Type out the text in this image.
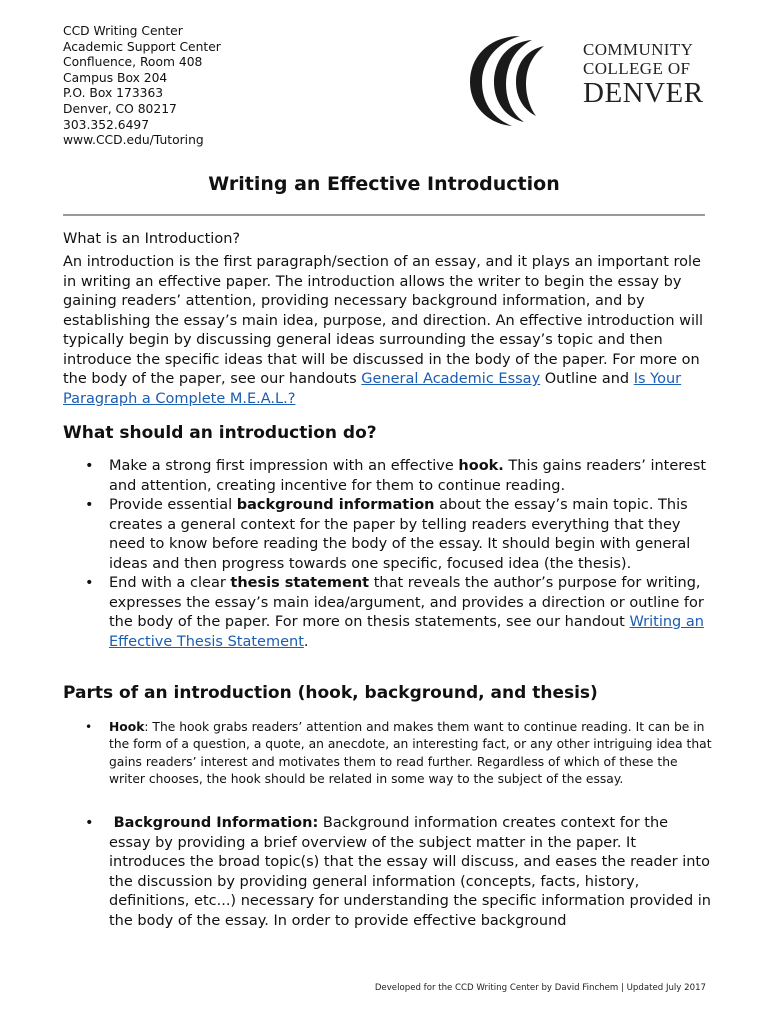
CCD Writing Center
Academic Support Center
Confluence, Room 408
Campus Box 204
P.O. Box 173363
Denver, CO 80217
303.352.6497
www.CCD.edu/Tutoring
COMMUNITY
COLLEGE OF
DENVER
Writing an Effective Introduction
What is an Introduction?

An introduction is the first paragraph/section of an essay, and it plays an important role in writing an effective paper. The introduction allows the writer to begin the essay by gaining readers’ attention, providing necessary background information, and by establishing the essay’s main idea, purpose, and direction. An effective introduction will typically begin by discussing general ideas surrounding the essay’s topic and then introduce the specific ideas that will be discussed in the body of the paper. For more on the body of the paper, see our handouts General Academic Essay Outline and Is Your Paragraph a Complete M.E.A.L.?

What should an introduction do?
• Make a strong first impression with an effective hook. This gains readers’ interest and attention, creating incentive for them to continue reading.
• Provide essential background information about the essay’s main topic. This creates a general context for the paper by telling readers everything that they need to know before reading the body of the essay. It should begin with general ideas and then progress towards one specific, focused idea (the thesis).
• End with a clear thesis statement that reveals the author’s purpose for writing, expresses the essay’s main idea/argument, and provides a direction or outline for the body of the paper. For more on thesis statements, see our handout Writing an Effective Thesis Statement.
Parts of an introduction (hook, background, and thesis)
• Hook: The hook grabs readers’ attention and makes them want to continue reading. It can be in the form of a question, a quote, an anecdote, an interesting fact, or any other intriguing idea that gains readers’ interest and motivates them to read further. Regardless of which of these the writer chooses, the hook should be related in some way to the subject of the essay.
• Background Information: Background information creates context for the essay by providing a brief overview of the subject matter in the paper. It introduces the broad topic(s) that the essay will discuss, and eases the reader into the discussion by providing general information (concepts, facts, history, definitions, etc...) necessary for understanding the specific information provided in the body of the essay. In order to provide effective background
Developed for the CCD Writing Center by David Finchem | Updated July 2017
